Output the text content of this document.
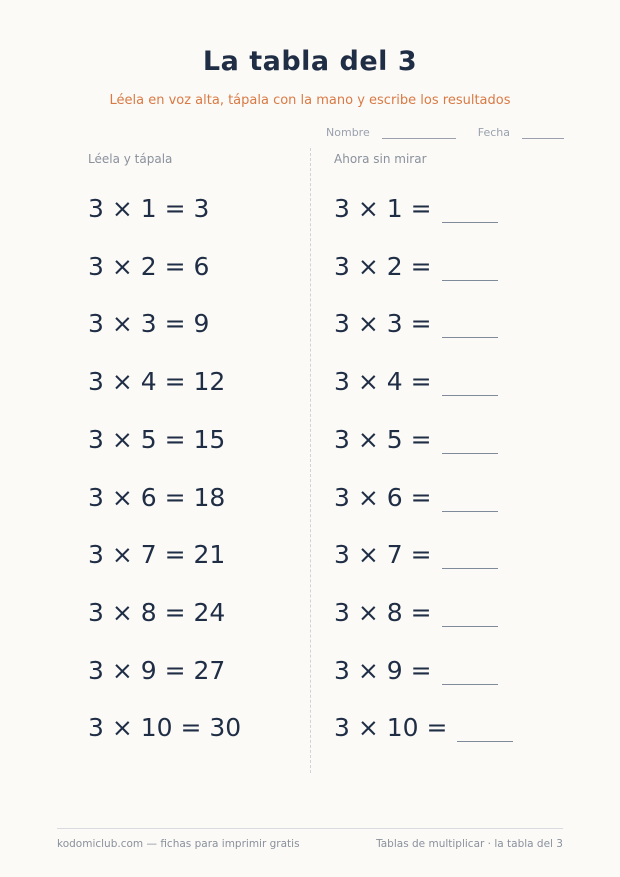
La tabla del 3
Léela en voz alta, tápala con la mano y escribe los resultados
Nombre	Fecha
Léela y tápala	Ahora sin mirar
3 × 1 = 3	3 × 1 =
3 × 2 = 6	3 × 2 =
3 × 3 = 9	3 × 3 =
3 × 4 = 12	3 × 4 =
3 × 5 = 15	3 × 5 =
3 × 6 = 18	3 × 6 =
3 × 7 = 21	3 × 7 =
3 × 8 = 24	3 × 8 =
3 × 9 = 27	3 × 9 =
3 × 10 = 30	3 × 10 =
kodomiclub.com — fichas para imprimir gratis	Tablas de multiplicar · la tabla del 3
